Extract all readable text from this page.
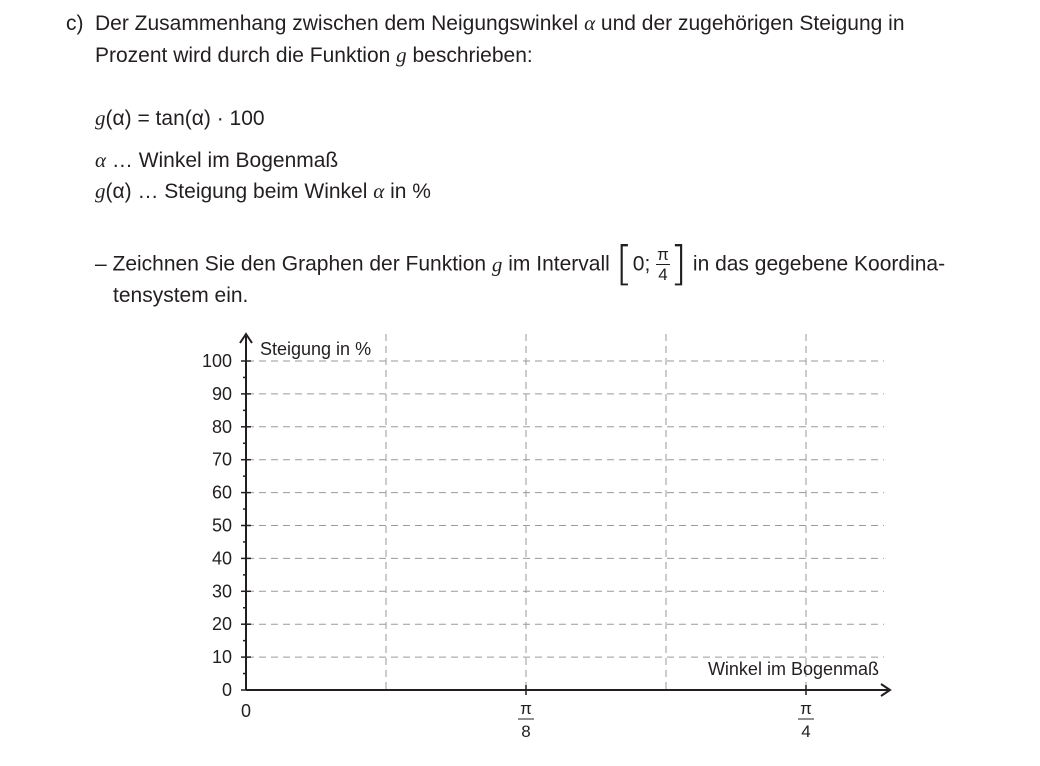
c) Der Zusammenhang zwischen dem Neigungswinkel α und der zugehörigen Steigung in
Prozent wird durch die Funktion g beschrieben:
g(α) = tan(α) · 100
α … Winkel im Bogenmaß
g(α) … Steigung beim Winkel α in %
– Zeichnen Sie den Graphen der Funktion g im Intervall [0; $\frac{\pi}{4}$ ] in das gegebene Koordina-
tensystem ein.
0
10
20
30
40
50
60
70
80
90
100
0	π
8
π
4
Steigung in %
Winkel im Bogenmaß
